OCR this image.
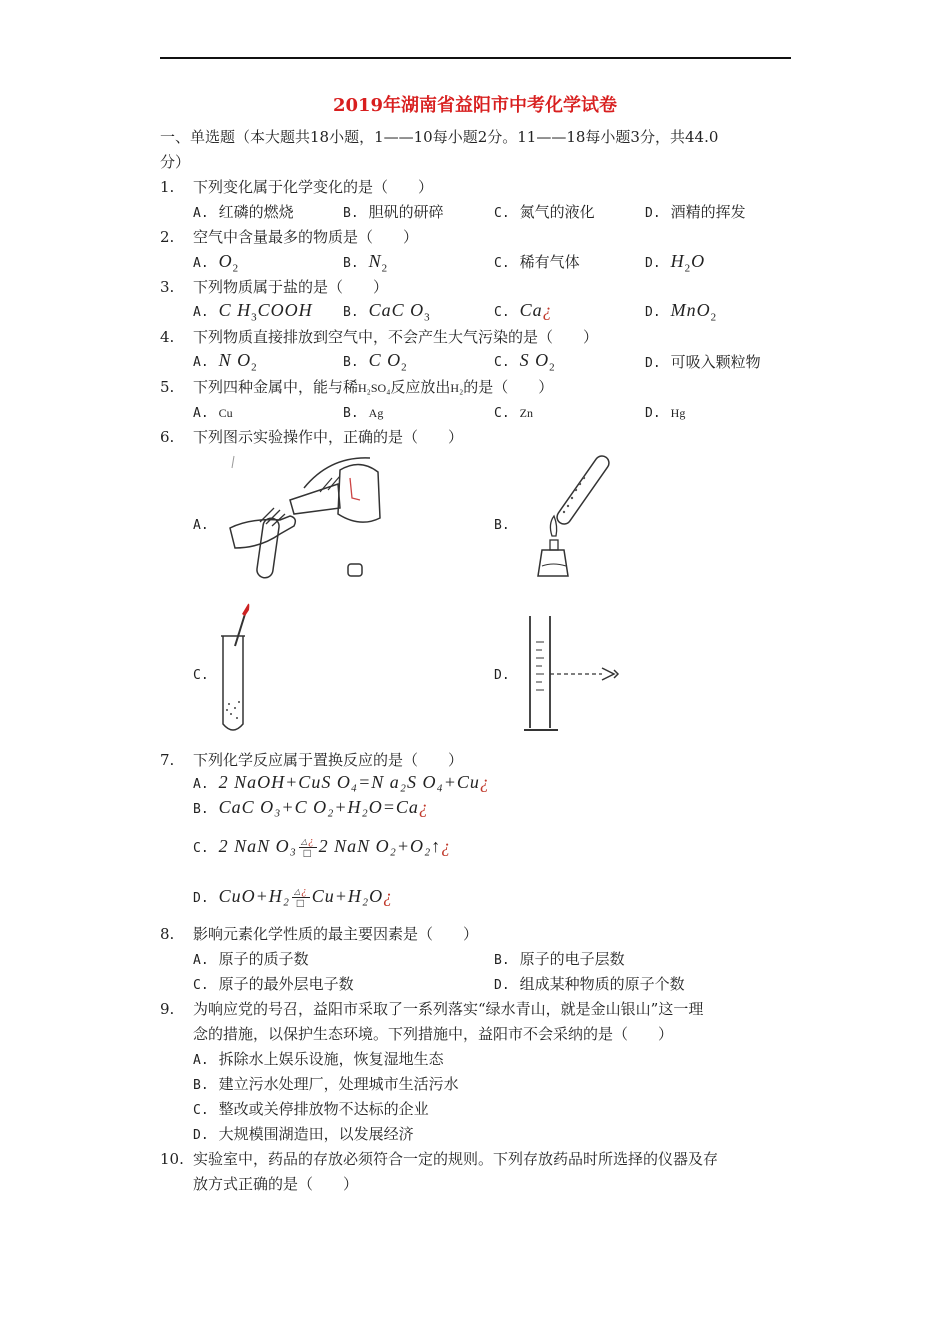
2019年湖南省益阳市中考化学试卷
一、单选题（本大题共18小题，1——10每小题2分。11——18每小题3分，共44.0
分）
1. 下列变化属于化学变化的是（　　）
A. 红磷的燃烧	B. 胆矾的研碎	C. 氮气的液化	D. 酒精的挥发
2. 空气中含量最多的物质是（　　）
A. $O_2$	B. $N_2$	C. 稀有气体	D. $H_2O$
3. 下列物质属于盐的是（　　）
A. C $H_3COOH$ B. CaC $O_3$	C. Ca¿	D. MnO$_2$
4. 下列物质直接排放到空气中，不会产生大气污染的是（　　）
A. N $O_2$	B. C $O_2$	C. S $O_2$	D. 可吸入颗粒物
5. 下列四种金属中，能与稀H₂SO₄反应放出H₂的是（　　）
A. Cu	B. Ag	C. Zn	D. Hg
6. 下列图示实验操作中，正确的是（　　）
A.	B.
C.	D.
7. 下列化学反应属于置换反应的是（　　）
A. 2 NaOH+CuS O₄=N a₂S O₄+Cu¿
B. CaC O₃+C O₂+H₂O=Ca¿
C. 2 NaN $O_3 \frac{\triangle¿}{□} 2$ NaN O₂+O₂↑¿
D. $CuO+H_2 \frac{\triangle¿}{□}$ Cu+H₂O¿
8. 影响元素化学性质的最主要因素是（　　）
A. 原子的质子数	B. 原子的电子层数
C. 原子的最外层电子数	D. 组成某种物质的原子个数
9. 为响应党的号召，益阳市采取了一系列落实“绿水青山，就是金山银山”这一理
念的措施，以保护生态环境。下列措施中，益阳市不会采纳的是（　　）
A. 拆除水上娱乐设施，恢复湿地生态
B. 建立污水处理厂，处理城市生活污水
C. 整改或关停排放物不达标的企业
D. 大规模围湖造田，以发展经济
10. 实验室中，药品的存放必须符合一定的规则。下列存放药品时所选择的仪器及存
放方式正确的是（　　）
